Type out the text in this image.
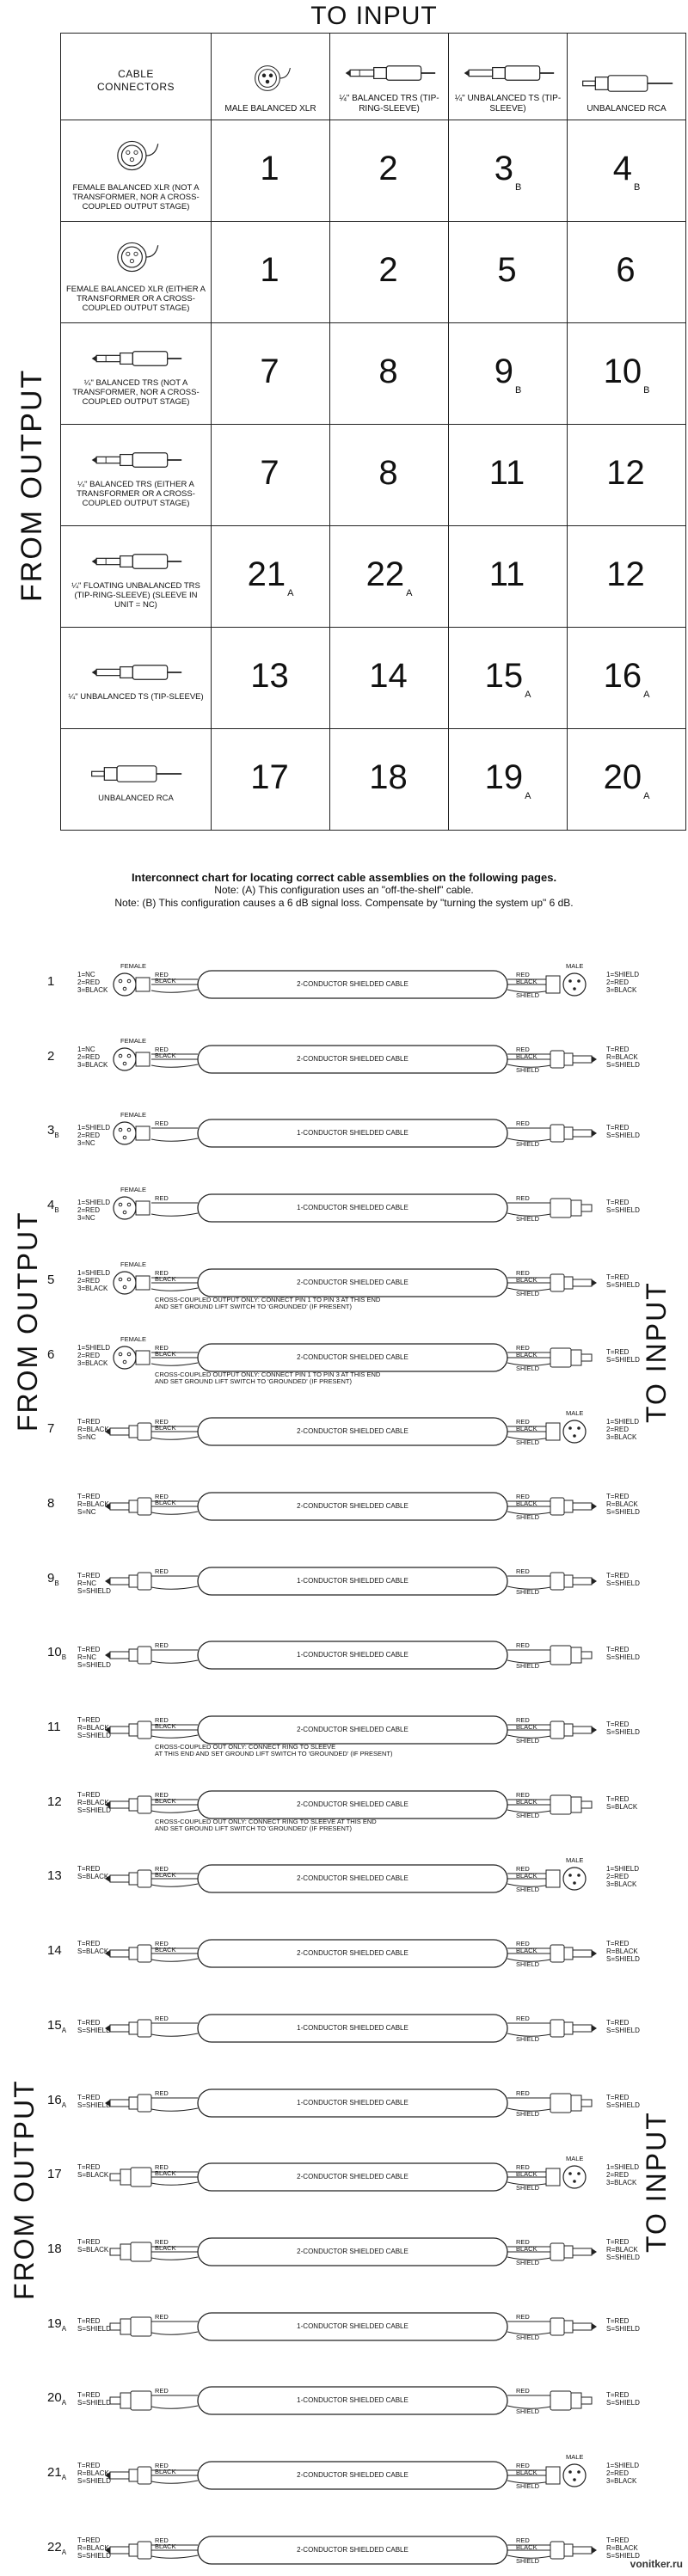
TO INPUT
FROM OUTPUT
CABLE CONNECTORS	MALE BALANCED XLR	¼" BALANCED TRS (TIP-RING-SLEEVE)	¼" UNBALANCED TS (TIP-SLEEVE)	UNBALANCED RCA

FEMALE BALANCED XLR (NOT A TRANSFORMER, NOR A CROSS-COUPLED OUTPUT STAGE)	1	2	3 $_B$	4 $_B$

FEMALE BALANCED XLR (EITHER A TRANSFORMER OR A CROSS-COUPLED OUTPUT STAGE)	1	2	5	6

¼" BALANCED TRS (NOT A TRANSFORMER, NOR A CROSS-COUPLED OUTPUT STAGE)	7	8	9 $_B$	10 $_B$

¼" BALANCED TRS (EITHER A TRANSFORMER OR A CROSS-COUPLED OUTPUT STAGE)	7	8	11	12

¼" FLOATING UNBALANCED TRS (TIP-RING-SLEEVE) (SLEEVE IN UNIT = NC)	21 $_A$	22 $_A$	11	12

¼" UNBALANCED TS (TIP-SLEEVE)	13	14	15 $_A$	16 $_A$

UNBALANCED RCA	17	18	19 $_A$	20 $_A$
Interconnect chart for locating correct cable assemblies on the following pages.
Note: (A) This configuration uses an "off-the-shelf" cable.
Note: (B) This configuration causes a 6 dB signal loss. Compensate by "turning the system up" 6 dB.
FROM OUTPUT	TO INPUT
FROM OUTPUT	TO INPUT
1	1=NC
2=RED
3=BLACK
FEMALE
RED
BLACK	2-CONDUCTOR SHIELDED CABLE
RED
BLACK
SHIELD
MALE
1=SHIELD
2=RED
3=BLACK
2	1=NC
2=RED
3=BLACK
FEMALE
RED
BLACK	2-CONDUCTOR SHIELDED CABLE
RED
BLACK
SHIELD
T=RED
R=BLACK
S=SHIELD
$3_B$
1=SHIELD
2=RED
3=NC
FEMALE
RED
1-CONDUCTOR SHIELDED CABLE
RED
SHIELD
T=RED
S=SHIELD
$4_B$
1=SHIELD
2=RED
3=NC
FEMALE
RED
1-CONDUCTOR SHIELDED CABLE
RED
SHIELD
T=RED
S=SHIELD
5	1=SHIELD
2=RED
3=BLACK
FEMALE
RED
BLACK	2-CONDUCTOR SHIELDED CABLE
RED
BLACK
SHIELD
T=RED
S=SHIELD
CROSS-COUPLED OUTPUT ONLY: CONNECT PIN 1 TO PIN 3 AT THIS END
AND SET GROUND LIFT SWITCH TO 'GROUNDED' (IF PRESENT)
6	1=SHIELD
2=RED
3=BLACK
FEMALE
RED
BLACK	2-CONDUCTOR SHIELDED CABLE
RED
BLACK
SHIELD
T=RED
S=SHIELD
CROSS-COUPLED OUTPUT ONLY: CONNECT PIN 1 TO PIN 3 AT THIS END
AND SET GROUND LIFT SWITCH TO 'GROUNDED' (IF PRESENT)
7	T=RED
R=BLACK
S=NC
RED
BLACK	2-CONDUCTOR SHIELDED CABLE
RED
BLACK
SHIELD
MALE
1=SHIELD
2=RED
3=BLACK
8	T=RED
R=BLACK
S=NC
RED
BLACK	2-CONDUCTOR SHIELDED CABLE
RED
BLACK
SHIELD
T=RED
R=BLACK
S=SHIELD
$9_B$
T=RED
R=NC
S=SHIELD
RED
1-CONDUCTOR SHIELDED CABLE
RED
SHIELD
T=RED
S=SHIELD
$10_B$
T=RED
R=NC
S=SHIELD
RED
1-CONDUCTOR SHIELDED CABLE
RED
SHIELD
T=RED
S=SHIELD
11 T=RED
R=BLACK
S=SHIELD
RED
BLACK	2-CONDUCTOR SHIELDED CABLE
RED
BLACK
SHIELD
T=RED
S=SHIELD
CROSS-COUPLED OUT ONLY: CONNECT RING TO SLEEVE
AT THIS END AND SET GROUND LIFT SWITCH TO 'GROUNDED' (IF PRESENT)
12 T=RED
R=BLACK
S=SHIELD
RED
BLACK	2-CONDUCTOR SHIELDED CABLE
RED
BLACK
SHIELD
T=RED
S=BLACK
CROSS-COUPLED OUT ONLY: CONNECT RING TO SLEEVE AT THIS END
AND SET GROUND LIFT SWITCH TO 'GROUNDED' (IF PRESENT)
13 T=RED
S=BLACK
RED
BLACK	2-CONDUCTOR SHIELDED CABLE
RED
BLACK
SHIELD
MALE
1=SHIELD
2=RED
3=BLACK
14 T=RED
S=BLACK
RED
BLACK	2-CONDUCTOR SHIELDED CABLE
RED
BLACK
SHIELD
T=RED
R=BLACK
S=SHIELD
$15_A$
T=RED
S=SHIELD
RED
1-CONDUCTOR SHIELDED CABLE
RED
SHIELD
T=RED
S=SHIELD
$16_A$
T=RED
S=SHIELD
RED
1-CONDUCTOR SHIELDED CABLE
RED
SHIELD
T=RED
S=SHIELD
17 T=RED
S=BLACK
RED
BLACK	2-CONDUCTOR SHIELDED CABLE
RED
BLACK
SHIELD
MALE
1=SHIELD
2=RED
3=BLACK
18 T=RED
S=BLACK
RED
BLACK	2-CONDUCTOR SHIELDED CABLE
RED
BLACK
SHIELD
T=RED
R=BLACK
S=SHIELD
$19_A$
T=RED
S=SHIELD
RED
1-CONDUCTOR SHIELDED CABLE
RED
SHIELD
T=RED
S=SHIELD
$20_A$
T=RED
S=SHIELD
RED
1-CONDUCTOR SHIELDED CABLE
RED
SHIELD
T=RED
S=SHIELD
$21_A$
T=RED
R=BLACK
S=SHIELD
RED
BLACK	2-CONDUCTOR SHIELDED CABLE
RED
BLACK
SHIELD
MALE
1=SHIELD
2=RED
3=BLACK
$22_A$
T=RED
R=BLACK
S=SHIELD
RED
BLACK	2-CONDUCTOR SHIELDED CABLE
RED
BLACK
SHIELD
T=RED
R=BLACK
S=SHIELD
vonitker.ru
